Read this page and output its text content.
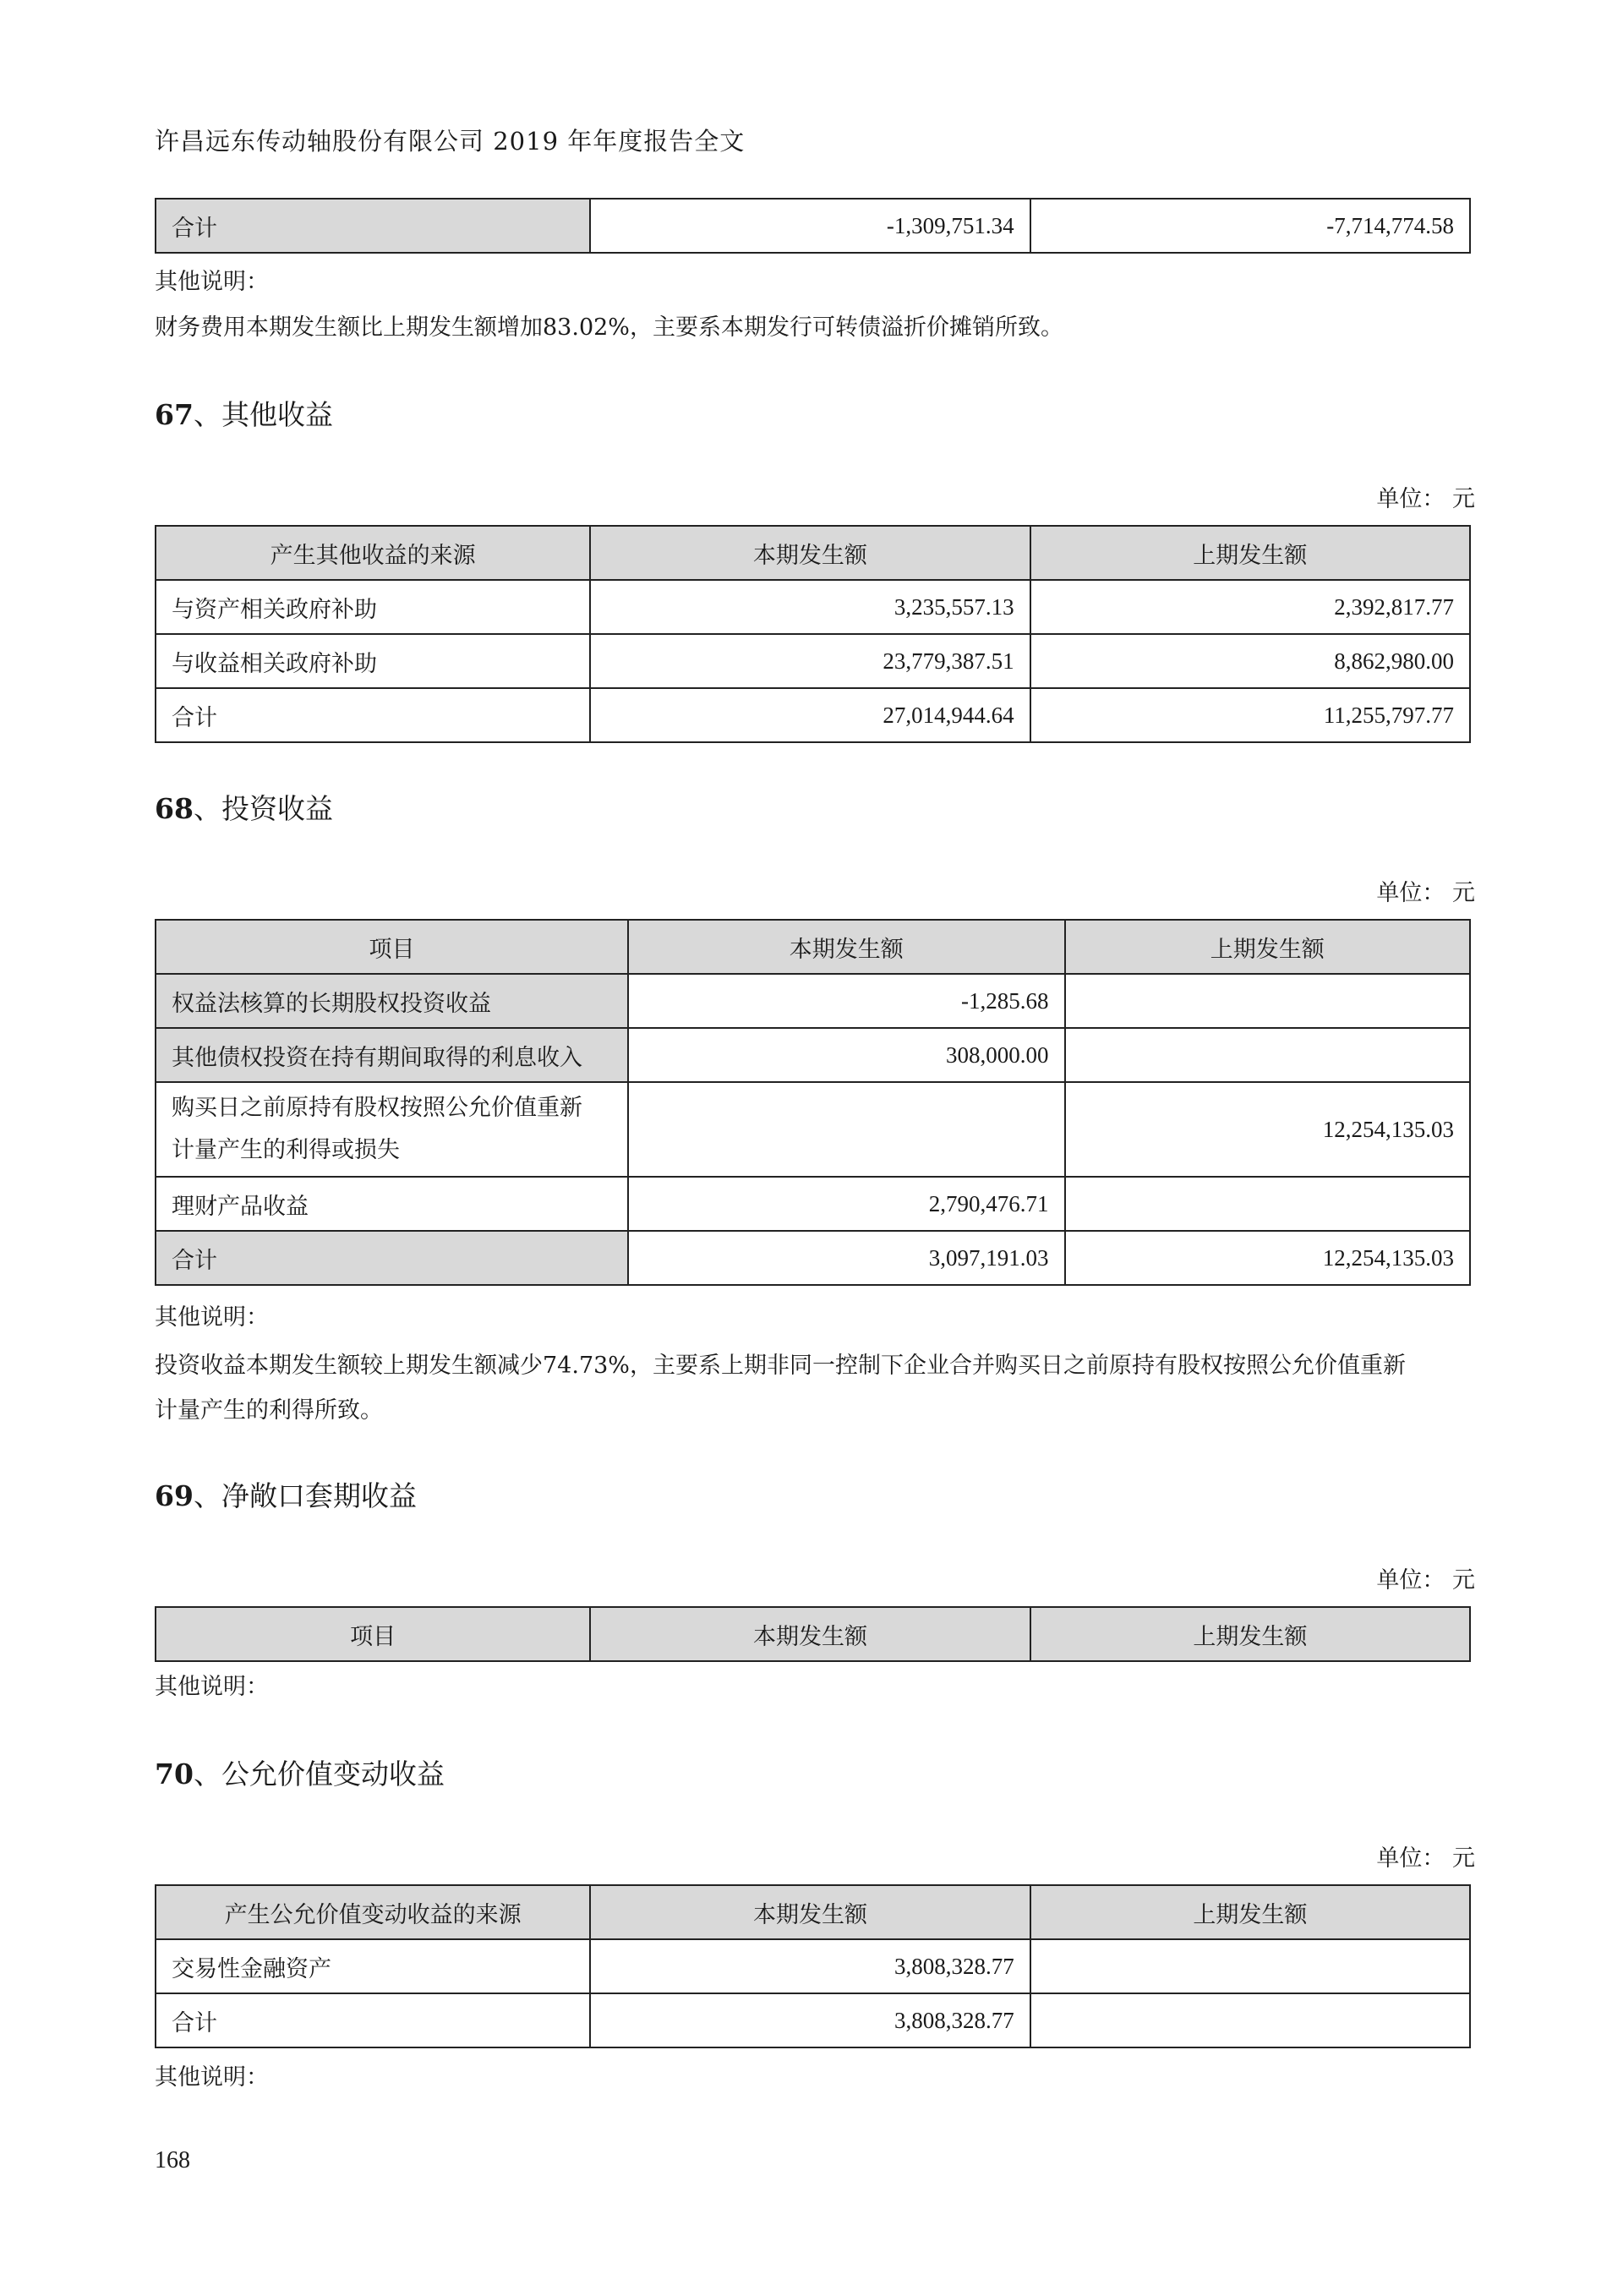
许昌远东传动轴股份有限公司 2019 年年度报告全文
合计	-1,309,751.34	-7,714,774.58
其他说明：
财务费用本期发生额比上期发生额增加83.02%，主要系本期发行可转债溢折价摊销所致。
67、其他收益
单位： 元
产生其他收益的来源	本期发生额	上期发生额
与资产相关政府补助	3,235,557.13	2,392,817.77
与收益相关政府补助	23,779,387.51	8,862,980.00
合计	27,014,944.64	11,255,797.77
68、投资收益
单位： 元
项目	本期发生额	上期发生额
权益法核算的长期股权投资收益	-1,285.68	
其他债权投资在持有期间取得的利息收入	308,000.00	
购买日之前原持有股权按照公允价值重新
计量产生的利得或损失		12,254,135.03
理财产品收益	2,790,476.71	
合计	3,097,191.03	12,254,135.03
其他说明：
投资收益本期发生额较上期发生额减少74.73%，主要系上期非同一控制下企业合并购买日之前原持有股权按照公允价值重新
计量产生的利得所致。
69、净敞口套期收益
单位： 元
项目	本期发生额	上期发生额
其他说明：
70、公允价值变动收益
单位： 元
产生公允价值变动收益的来源	本期发生额	上期发生额
交易性金融资产	3,808,328.77	
合计	3,808,328.77	
其他说明：
168
